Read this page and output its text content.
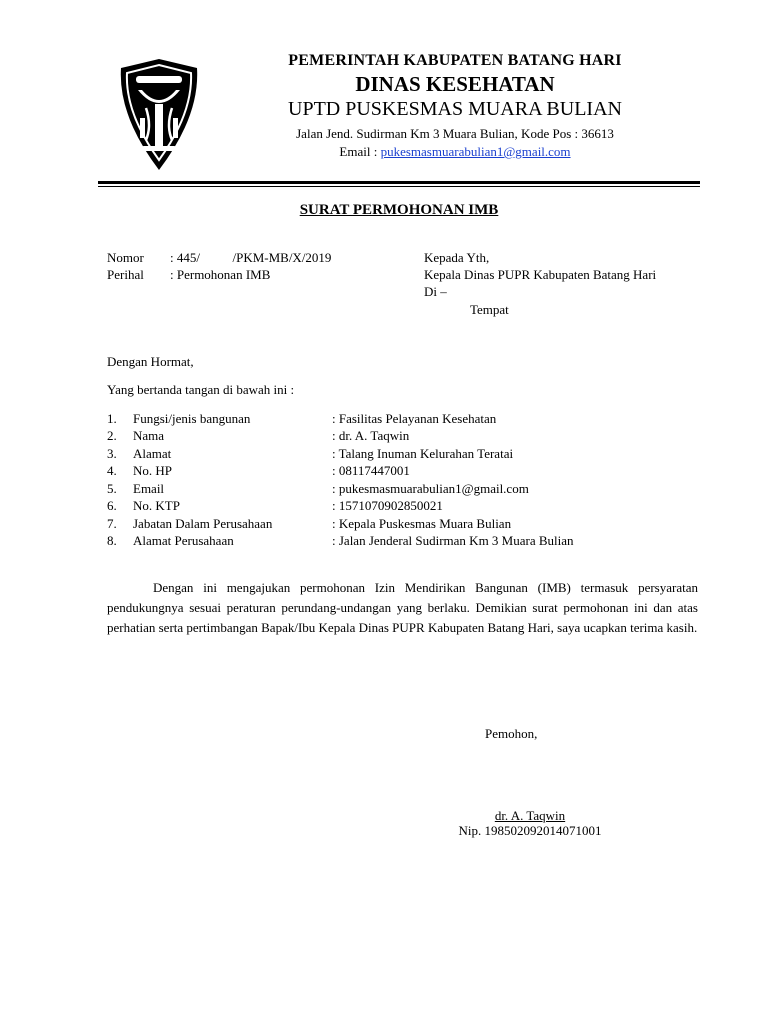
PEMERINTAH KABUPATEN BATANG HARI
DINAS KESEHATAN
UPTD PUSKESMAS MUARA BULIAN
Jalan Jend. Sudirman Km 3 Muara Bulian, Kode Pos : 36613
Email : pukesmasmuarabulian1@gmail.com
SURAT PERMOHONAN IMB
Nomor : 445/          /PKM-MB/X/2019
Perihal : Permohonan IMB
Kepada Yth,
Kepala Dinas PUPR Kabupaten Batang Hari
Di –
Tempat
Dengan Hormat,
Yang bertanda tangan di bawah ini :
1. Fungsi/jenis bangunan	: Fasilitas Pelayanan Kesehatan
2. Nama	: dr. A. Taqwin
3. Alamat	: Talang Inuman Kelurahan Teratai
4. No. HP	: 08117447001
5. Email	: pukesmasmuarabulian1@gmail.com
6. No. KTP	: 1571070902850021
7. Jabatan Dalam Perusahaan	: Kepala Puskesmas Muara Bulian
8. Alamat Perusahaan	: Jalan Jenderal Sudirman Km 3 Muara Bulian
Dengan ini mengajukan permohonan Izin Mendirikan Bangunan (IMB) termasuk persyaratan pendukungnya sesuai peraturan perundang-undangan yang berlaku. Demikian surat permohonan ini dan atas perhatian serta pertimbangan Bapak/Ibu Kepala Dinas PUPR Kabupaten Batang Hari, saya ucapkan terima kasih.
Pemohon,
dr. A. Taqwin
Nip. 198502092014071001
